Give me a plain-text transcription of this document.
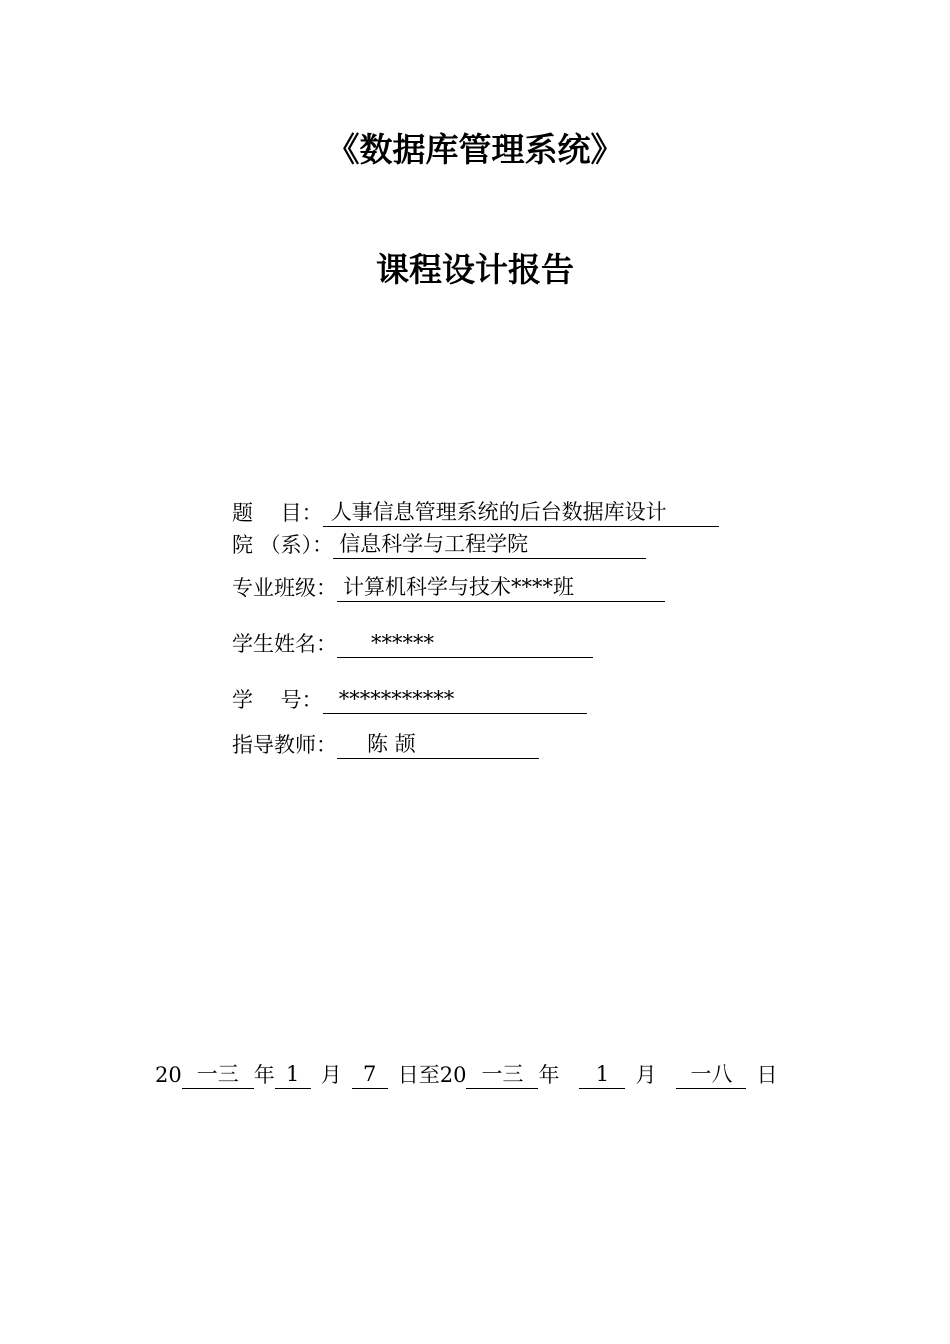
《数据库管理系统》
课程设计报告
题　 目： 人事信息管理系统的后台数据库设计
院 （系）： 信息科学与工程学院
专业班级： 计算机科学与技术****班
学生姓名： ******
学　 号： ***********
指导教师： 陈 颉
20 一三 年 1 月 7 日至20 一三 年 1 月 一八 日
